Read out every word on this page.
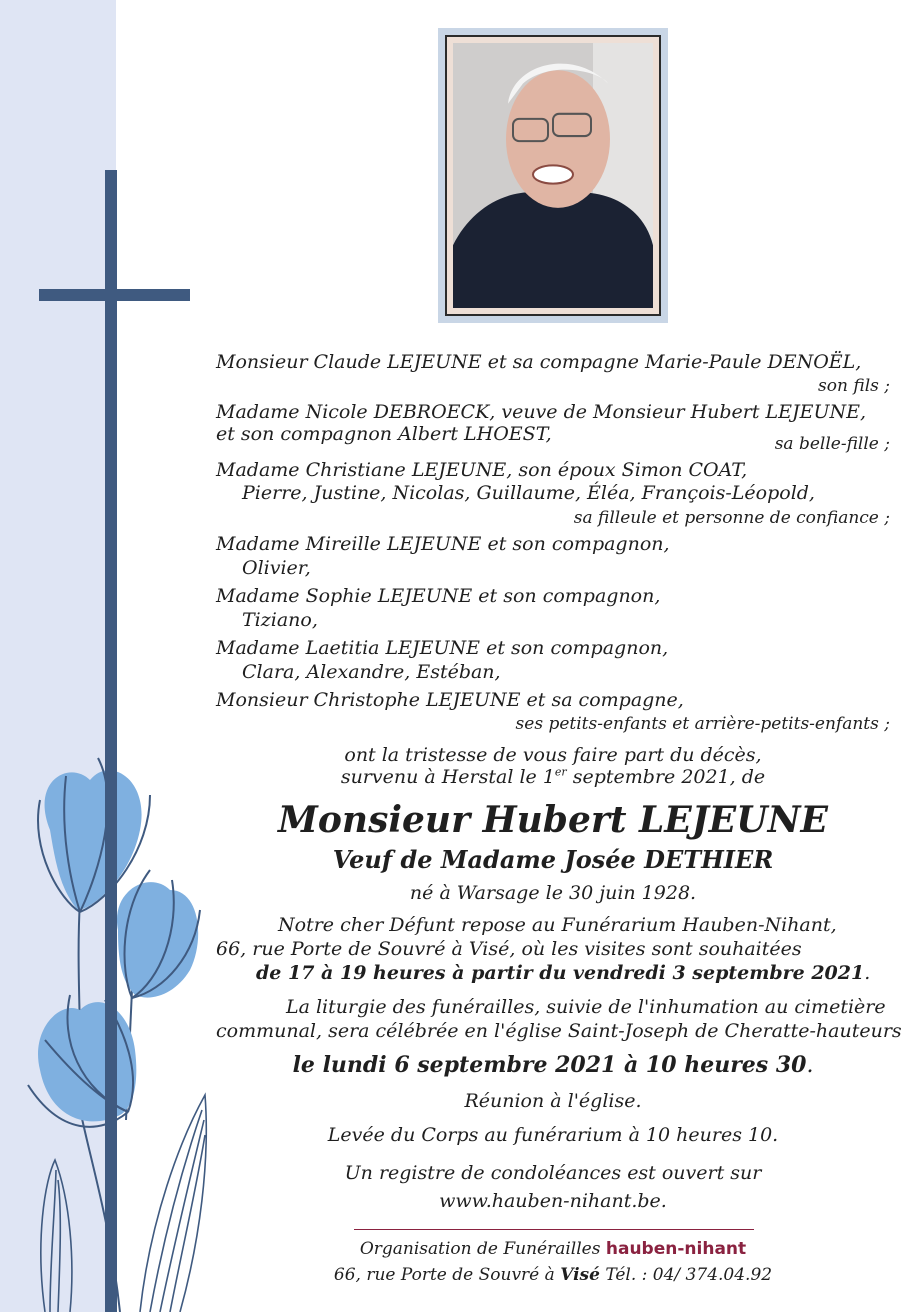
Monsieur Claude LEJEUNE et sa compagne Marie-Paule DENOËL,
son fils ;
Madame Nicole DEBROECK, veuve de Monsieur Hubert LEJEUNE,
et son compagnon Albert LHOEST,	sa belle-fille ;
Madame Christiane LEJEUNE, son époux Simon COAT,
Pierre, Justine, Nicolas, Guillaume, Éléa, François-Léopold,
sa filleule et personne de confiance ;
Madame Mireille LEJEUNE et son compagnon,
Olivier,
Madame Sophie LEJEUNE et son compagnon,
Tiziano,
Madame Laetitia LEJEUNE et son compagnon,
Clara, Alexandre, Estéban,
Monsieur Christophe LEJEUNE et sa compagne,
ses petits-enfants et arrière-petits-enfants ;
ont la tristesse de vous faire part du décès,
survenu à Herstal le 1er septembre 2021, de
Monsieur Hubert LEJEUNE
Veuf de Madame Josée DETHIER
né à Warsage le 30 juin 1928.
Notre cher Défunt repose au Funérarium Hauben-Nihant,
66, rue Porte de Souvré à Visé, où les visites sont souhaitées
de 17 à 19 heures à partir du vendredi 3 septembre 2021.
La liturgie des funérailles, suivie de l'inhumation au cimetière
communal, sera célébrée en l'église Saint-Joseph de Cheratte-hauteurs
le lundi 6 septembre 2021 à 10 heures 30.
Réunion à l'église.
Levée du Corps au funérarium à 10 heures 10.
Un registre de condoléances est ouvert sur
www.hauben-nihant.be.
Organisation de Funérailles hauben-nihant
66, rue Porte de Souvré à Visé Tél. : 04/ 374.04.92
